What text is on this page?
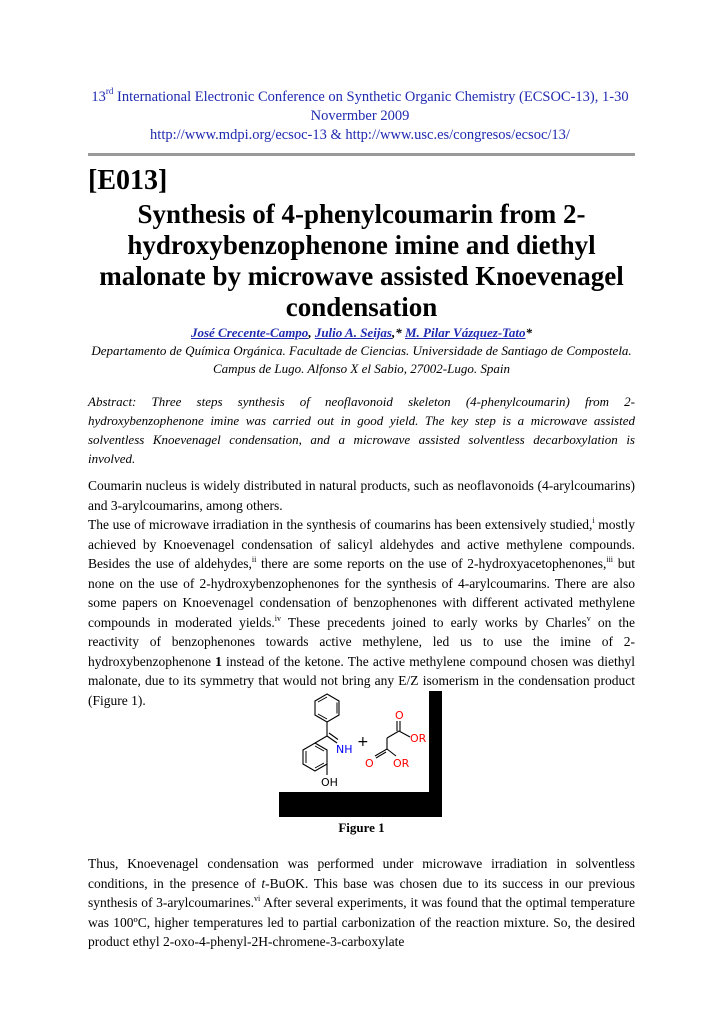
13rd International Electronic Conference on Synthetic Organic Chemistry (ECSOC-13), 1-30 Novermber 2009
http://www.mdpi.org/ecsoc-13 & http://www.usc.es/congresos/ecsoc/13/
[E013]
Synthesis of 4-phenylcoumarin from 2-hydroxybenzophenone imine and diethyl malonate by microwave assisted Knoevenagel condensation
José Crecente-Campo, Julio A. Seijas,* M. Pilar Vázquez-Tato*
Departamento de Química Orgánica. Facultade de Ciencias. Universidade de Santiago de Compostela. Campus de Lugo. Alfonso X el Sabio, 27002-Lugo. Spain
Abstract: Three steps synthesis of neoflavonoid skeleton (4-phenylcoumarin) from 2-hydroxybenzophenone imine was carried out in good yield. The key step is a microwave assisted solventless Knoevenagel condensation, and a microwave assisted solventless decarboxylation is involved.

Coumarin nucleus is widely distributed in natural products, such as neoflavonoids (4-arylcoumarins) and 3-arylcoumarins, among others.

The use of microwave irradiation in the synthesis of coumarins has been extensively studied,$^i$ mostly achieved by Knoevenagel condensation of salicyl aldehydes and active methylene compounds. Besides the use of aldehydes,$^{ii}$ there are some reports on the use of 2-hydroxyacetophenones,$^{iii}$ but none on the use of 2-hydroxybenzophenones for the synthesis of 4-arylcoumarins. There are also some papers on Knoevenagel condensation of benzophenones with different activated methylene compounds in moderated yields.$^{iv}$ These precedents joined to early works by Charles$^v$ on the reactivity of benzophenones towards active methylene, led us to use the imine of 2-hydroxybenzophenone 1 instead of the ketone. The active methylene compound chosen was diethyl malonate, due to its symmetry that would not bring any E/Z isomerism in the condensation product (Figure 1).

NH
OH
+
O
OR
O OR
Figure 1

Thus, Knoevenagel condensation was performed under microwave irradiation in solventless conditions, in the presence of t-BuOK. This base was chosen due to its success in our previous synthesis of 3-arylcoumarines.$^{vi}$ After several experiments, it was found that the optimal temperature was 100ºC, higher temperatures led to partial carbonization of the reaction mixture. So, the desired product ethyl 2-oxo-4-phenyl-2H-chromene-3-carboxylate
